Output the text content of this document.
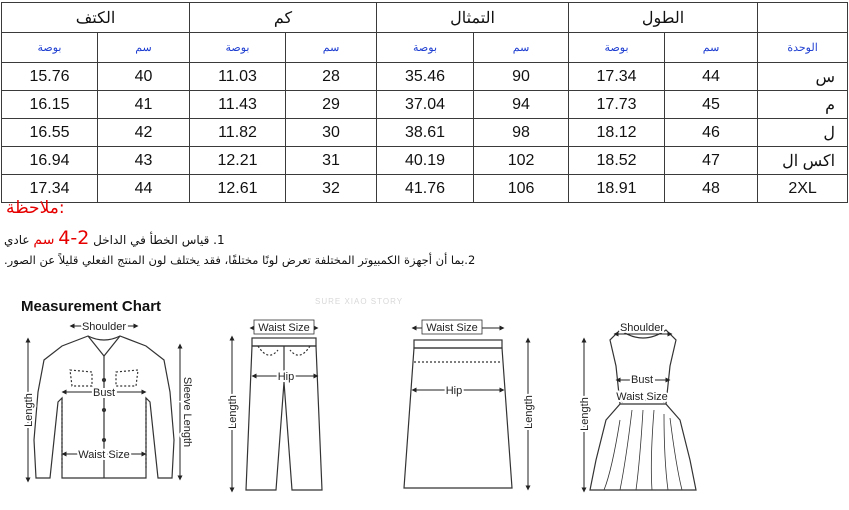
الكتف		كم		التمثال		الطول		
بوصة	سم	بوصة	سم	بوصة	سم	بوصة	سم	الوحدة
15.76	40	11.03	28	35.46	90	17.34	44	س
16.15	41	11.43	29	37.04	94	17.73	45	م
16.55	42	11.82	30	38.61	98	18.12	46	ل
16.94	43	12.21	31	40.19	102	18.52	47	اكس ال
17.34	44	12.61	32	41.76	106	18.91	48	2XL
ملاحظة:
1. قياس الخطأ في الداخل 2-4 سم عادي
2.بما أن أجهزة الكمبيوتر المختلفة تعرض لونًا مختلفًا، فقد يختلف لون المنتج الفعلي قليلاً عن الصور.
Measurement Chart	SURE XIAO STORY
Shoulder
Bust
Waist Size
Length	Sleeve Length
Waist Size
Hip
Length
Waist Size
Hip
Length
Shoulder
Bust
Waist Size
Length
